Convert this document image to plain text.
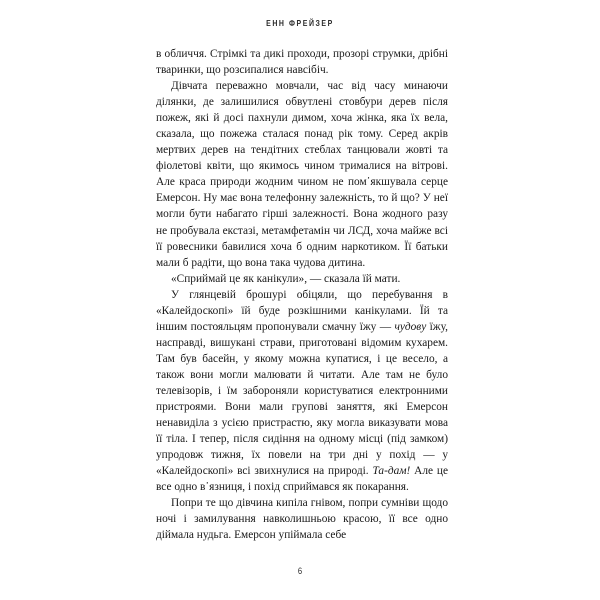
ЕНН ФРЕЙЗЕР

в обличчя. Стрімкі та дикі проходи, прозорі струмки, дрібні тваринки, що розсипалися навсібіч.

Дівчата переважно мовчали, час від часу минаючи ділянки, де залишилися обвутлені стовбури дерев після пожеж, які й досі пахнули димом, хоча жінка, яка їх вела, сказала, що пожежа сталася понад рік тому. Серед акрів мертвих дерев на тендітних стеблах танцювали жовті та фіолетові квіти, що якимось чином трималися на вітрові. Але краса природи жодним чином не пом᾿якшувала серце Емерсон. Ну має вона телефонну залежність, то й що? У неї могли бути набагато гірші залежності. Вона жодного разу не пробувала екстазі, метамфетамін чи ЛСД, хоча майже всі її ровесники бавилися хоча б одним наркотиком. Її батьки мали б радіти, що вона така чудова дитина.

«Сприймай це як канікули», — сказала їй мати.

У глянцевій брошурі обіцяли, що перебування в «Калейдоскопі» їй буде розкішними канікулами. Їй та іншим постояльцям пропонували смачну їжу — чудову їжу, насправді, вишукані страви, приготовані відомим кухарем. Там був басейн, у якому можна купатися, і це весело, а також вони могли малювати й читати. Але там не було телевізорів, і їм забороняли користуватися електронними пристроями. Вони мали групові заняття, які Емерсон ненавиділа з усією пристрастю, яку могла виказувати мова її тіла. І тепер, після сидіння на одному місці (під замком) упродовж тижня, їх повели на три дні у похід — у «Калейдоскопі» всі звихнулися на природі. Та-дам! Але це все одно в᾿язниця, і похід сприймався як покарання.

Попри те що дівчина кипіла гнівом, попри сумніви щодо ночі і замилування навколишньою красою, її все одно діймала нудьга. Емерсон упіймала себе

6
